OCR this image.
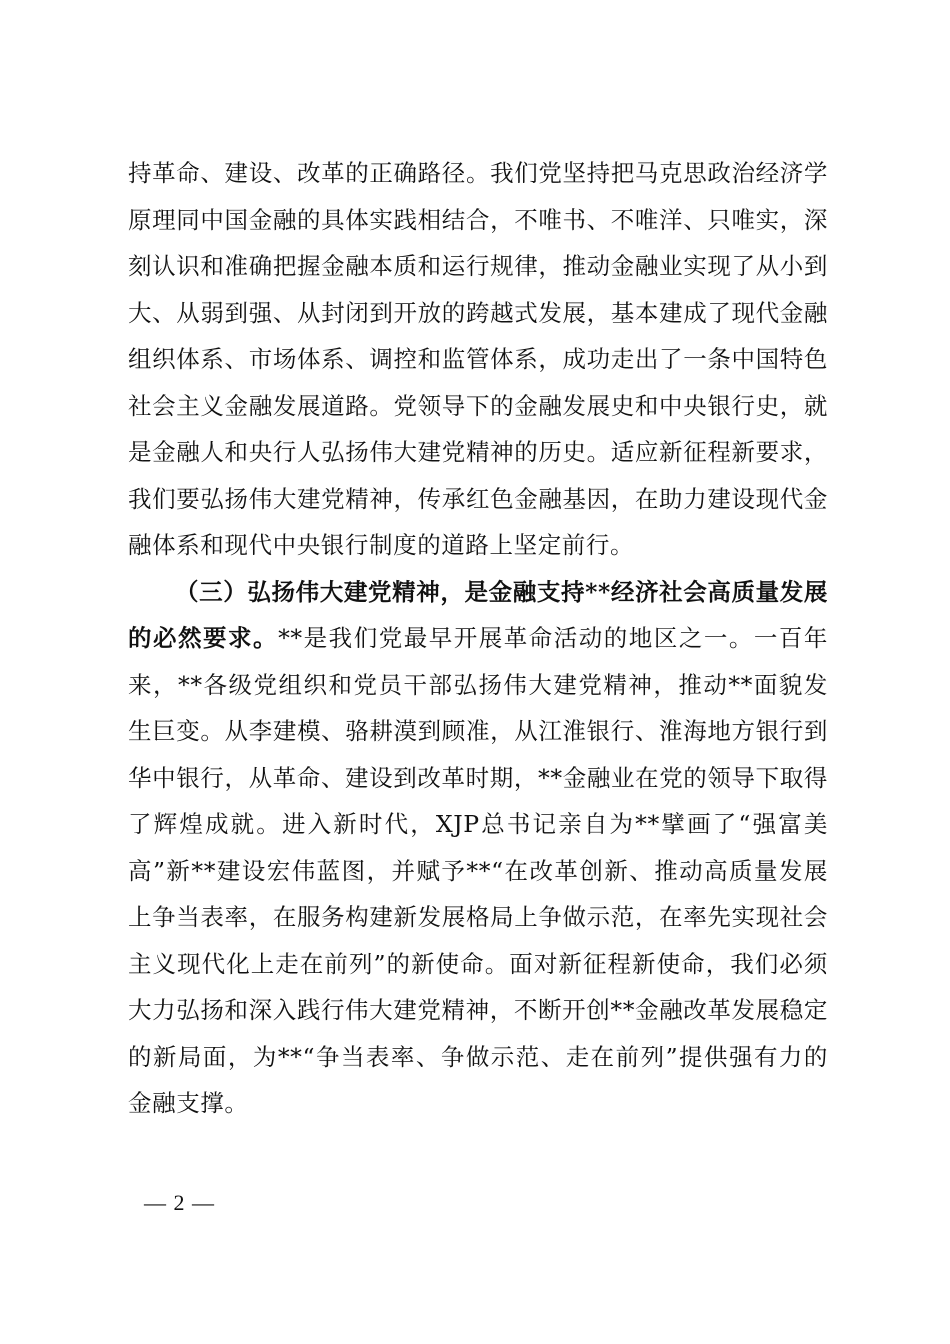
持革命、建设、改革的正确路径。我们党坚持把马克思政治经济学原理同中国金融的具体实践相结合，不唯书、不唯洋、只唯实，深刻认识和准确把握金融本质和运行规律，推动金融业实现了从小到大、从弱到强、从封闭到开放的跨越式发展，基本建成了现代金融组织体系、市场体系、调控和监管体系，成功走出了一条中国特色社会主义金融发展道路。党领导下的金融发展史和中央银行史，就是金融人和央行人弘扬伟大建党精神的历史。适应新征程新要求，我们要弘扬伟大建党精神，传承红色金融基因，在助力建设现代金融体系和现代中央银行制度的道路上坚定前行。

（三）弘扬伟大建党精神，是金融支持**经济社会高质量发展的必然要求。**是我们党最早开展革命活动的地区之一。一百年来，**各级党组织和党员干部弘扬伟大建党精神，推动**面貌发生巨变。从李建模、骆耕漠到顾准，从江淮银行、淮海地方银行到华中银行，从革命、建设到改革时期，**金融业在党的领导下取得了辉煌成就。进入新时代，XJP总书记亲自为**擘画了“强富美高”新**建设宏伟蓝图，并赋予**“在改革创新、推动高质量发展上争当表率，在服务构建新发展格局上争做示范，在率先实现社会主义现代化上走在前列”的新使命。面对新征程新使命，我们必须大力弘扬和深入践行伟大建党精神，不断开创**金融改革发展稳定的新局面，为**“争当表率、争做示范、走在前列”提供强有力的金融支撑。

— 2 —
